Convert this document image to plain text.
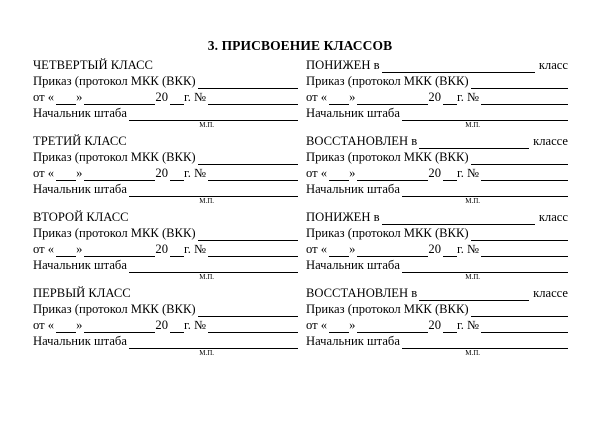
3. ПРИСВОЕНИЕ КЛАССОВ
ЧЕТВЕРТЫЙ КЛАСС
Приказ (протокол МКК (ВКК)
от « »	20 г. №
Начальник штаба
М.П.
ТРЕТИЙ КЛАСС
Приказ (протокол МКК (ВКК)
от « »	20 г. №
Начальник штаба
М.П.
ВТОРОЙ КЛАСС
Приказ (протокол МКК (ВКК)
от « »	20 г. №
Начальник штаба
М.П.
ПЕРВЫЙ КЛАСС
Приказ (протокол МКК (ВКК)
от « »	20 г. №
Начальник штаба
М.П.
ПОНИЖЕН в	класс
Приказ (протокол МКК (ВКК)
от « »	20 г. №
Начальник штаба
М.П.
ВОССТАНОВЛЕН в	классе
Приказ (протокол МКК (ВКК)
от « »	20 г. №
Начальник штаба
М.П.
ПОНИЖЕН в	класс
Приказ (протокол МКК (ВКК)
от « »	20 г. №
Начальник штаба
М.П.
ВОССТАНОВЛЕН в	классе
Приказ (протокол МКК (ВКК)
от « »	20 г. №
Начальник штаба
М.П.
